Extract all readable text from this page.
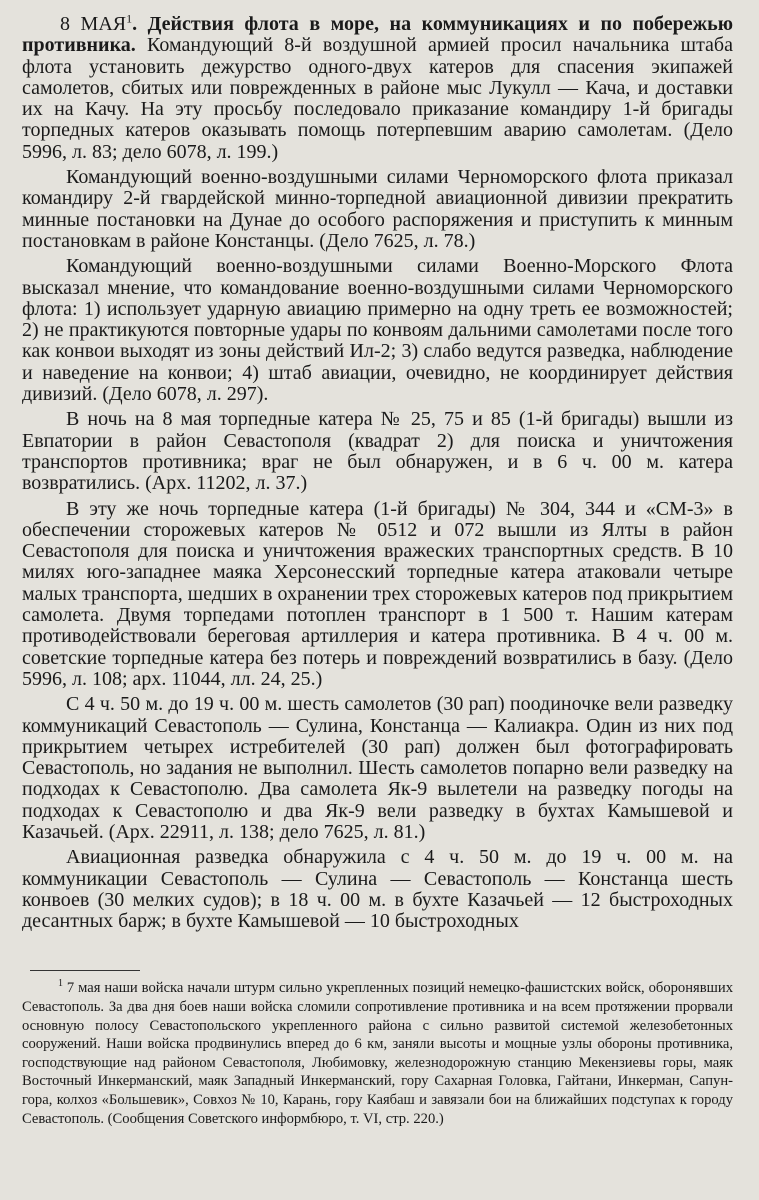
8 МАЯ$^1$. Действия флота в море, на коммуникациях и по побережью противника. Командующий 8-й воздушной армией просил начальника штаба флота установить дежурство одного-двух катеров для спасения экипажей самолетов, сбитых или поврежденных в районе мыс Лукулл — Кача, и доставки их на Качу. На эту просьбу последовало приказание командиру 1-й бригады торпедных катеров оказывать помощь потерпевшим аварию самолетам. (Дело 5996, л. 83; дело 6078, л. 199.)

Командующий военно-воздушными силами Черноморского флота приказал командиру 2-й гвардейской минно-торпедной авиационной дивизии прекратить минные постановки на Дунае до особого распоряжения и приступить к минным постановкам в районе Констанцы. (Дело 7625, л. 78.)

Командующий военно-воздушными силами Военно-Морского Флота высказал мнение, что командование военно-воздушными силами Черноморского флота: 1) использует ударную авиацию примерно на одну треть ее возможностей; 2) не практикуются повторные удары по конвоям дальними самолетами после того как конвои выходят из зоны действий Ил-2; 3) слабо ведутся разведка, наблюдение и наведение на конвои; 4) штаб авиации, очевидно, не координирует действия дивизий. (Дело 6078, л. 297).

В ночь на 8 мая торпедные катера № 25, 75 и 85 (1-й бригады) вышли из Евпатории в район Севастополя (квадрат 2) для поиска и уничтожения транспортов противника; враг не был обнаружен, и в 6 ч. 00 м. катера возвратились. (Арх. 11202, л. 37.)

В эту же ночь торпедные катера (1-й бригады) № 304, 344 и «СМ-3» в обеспечении сторожевых катеров № 0512 и 072 вышли из Ялты в район Севастополя для поиска и уничтожения вражеских транспортных средств. В 10 милях юго-западнее маяка Херсонесский торпедные катера атаковали четыре малых транспорта, шедших в охранении трех сторожевых катеров под прикрытием самолета. Двумя торпедами потоплен транспорт в 1 500 т. Нашим катерам противодействовали береговая артиллерия и катера противника. В 4 ч. 00 м. советские торпедные катера без потерь и повреждений возвратились в базу. (Дело 5996, л. 108; арх. 11044, лл. 24, 25.)

С 4 ч. 50 м. до 19 ч. 00 м. шесть самолетов (30 рап) поодиночке вели разведку коммуникаций Севастополь — Сулина, Констанца — Калиакра. Один из них под прикрытием четырех истребителей (30 рап) должен был фотографировать Севастополь, но задания не выполнил. Шесть самолетов попарно вели разведку на подходах к Севастополю. Два самолета Як-9 вылетели на разведку погоды на подходах к Севастополю и два Як-9 вели разведку в бухтах Камышевой и Казачьей. (Арх. 22911, л. 138; дело 7625, л. 81.)

Авиационная разведка обнаружила с 4 ч. 50 м. до 19 ч. 00 м. на коммуникации Севастополь — Сулина — Севастополь — Констанца шесть конвоев (30 мелких судов); в 18 ч. 00 м. в бухте Казачьей — 12 быстроходных десантных барж; в бухте Камышевой — 10 быстроходных

$^1$ 7 мая наши войска начали штурм сильно укрепленных позиций немецко-фашистских войск, оборонявших Севастополь. За два дня боев наши войска сломили сопротивление противника и на всем протяжении прорвали основную полосу Севастопольского укрепленного района с сильно развитой системой железобетонных сооружений. Наши войска продвинулись вперед до 6 км, заняли высоты и мощные узлы обороны противника, господствующие над районом Севастополя, Любимовку, железнодорожную станцию Мекензиевы горы, маяк Восточный Инкерманский, маяк Западный Инкерманский, гору Сахарная Головка, Гайтани, Инкерман, Сапун-гора, колхоз «Большевик», Совхоз № 10, Карань, гору Каябаш и завязали бои на ближайших подступах к городу Севастополь. (Сообщения Советского информбюро, т. VI, стр. 220.)
